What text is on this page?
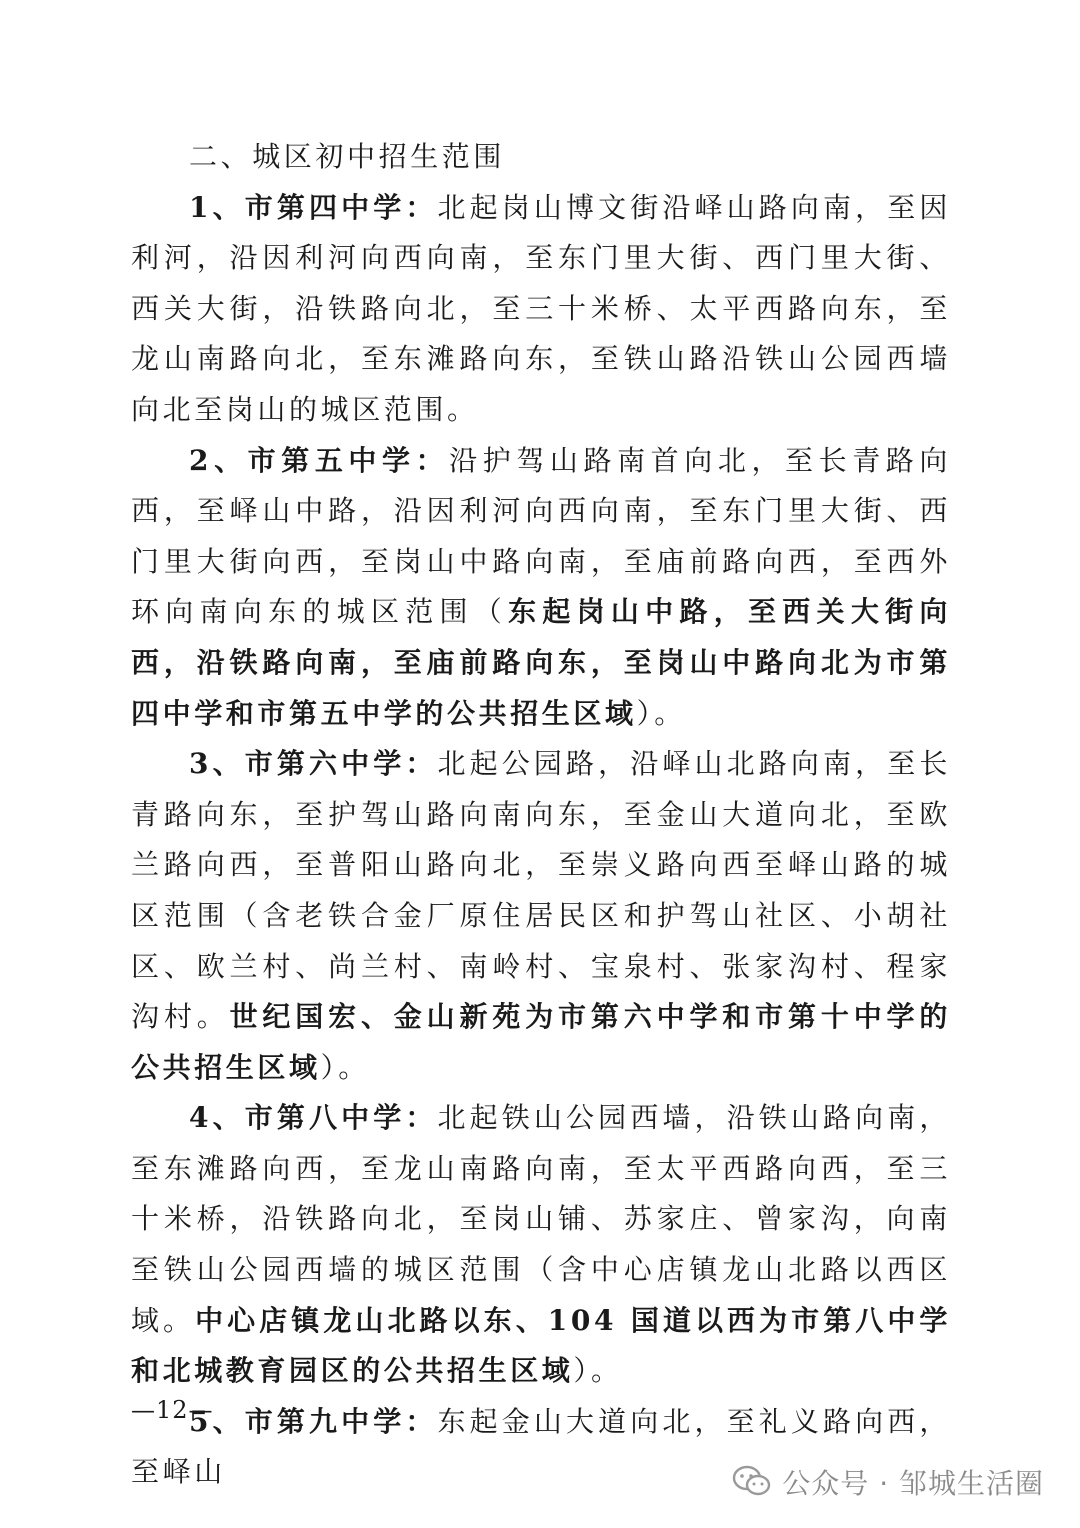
二、城区初中招生范围

1、市第四中学：北起岗山博文街沿峄山路向南，至因利河，沿因利河向西向南，至东门里大街、西门里大街、西关大街，沿铁路向北，至三十米桥、太平西路向东，至龙山南路向北，至东滩路向东，至铁山路沿铁山公园西墙向北至岗山的城区范围。

2、市第五中学：沿护驾山路南首向北，至长青路向西，至峄山中路，沿因利河向西向南，至东门里大街、西门里大街向西，至岗山中路向南，至庙前路向西，至西外环向南向东的城区范围（东起岗山中路，至西关大街向西，沿铁路向南，至庙前路向东，至岗山中路向北为市第四中学和市第五中学的公共招生区域）。

3、市第六中学：北起公园路，沿峄山北路向南，至长青路向东，至护驾山路向南向东，至金山大道向北，至欧兰路向西，至普阳山路向北，至崇义路向西至峄山路的城区范围（含老铁合金厂原住居民区和护驾山社区、小胡社区、欧兰村、尚兰村、南岭村、宝泉村、张家沟村、程家沟村。世纪国宏、金山新苑为市第六中学和市第十中学的公共招生区域）。

4、市第八中学：北起铁山公园西墙，沿铁山路向南，至东滩路向西，至龙山南路向南，至太平西路向西，至三十米桥，沿铁路向北，至岗山铺、苏家庄、曾家沟，向南至铁山公园西墙的城区范围（含中心店镇龙山北路以西区域。中心店镇龙山北路以东、104 国道以西为市第八中学和北城教育园区的公共招生区域）。

5、市第九中学：东起金山大道向北，至礼义路向西，至峄山

—12—
公众号 · 邹城生活圈
